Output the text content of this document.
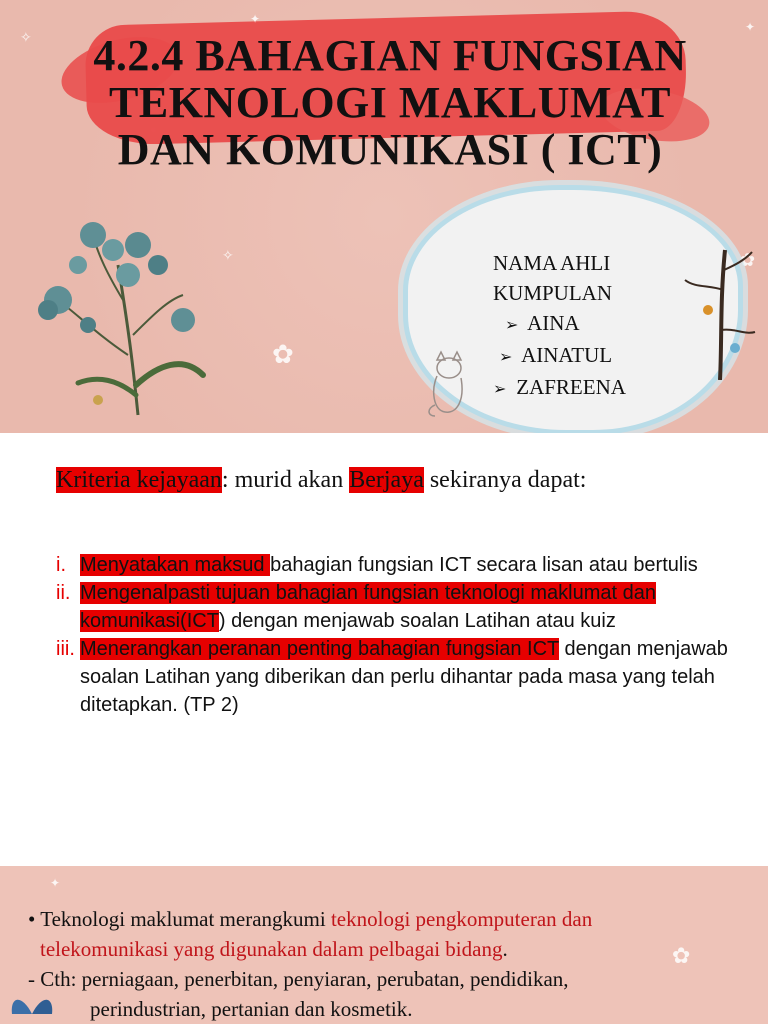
✧
✦
✦
✿
✧	✿
4.2.4 BAHAGIAN FUNGSIAN
TEKNOLOGI MAKLUMAT
DAN KOMUNIKASI ( ICT)
NAMA AHLI
KUMPULAN
➢ AINA
➢ AINATUL
➢ ZAFREENA
Kriteria kejayaan: murid akan Berjaya sekiranya dapat:
i. Menyatakan maksud bahagian fungsian ICT secara lisan atau bertulis
ii. Mengenalpasti tujuan bahagian fungsian teknologi maklumat dan komunikasi(ICT) dengan menjawab soalan Latihan atau kuiz
iii. Menerangkan peranan penting bahagian fungsian ICT dengan menjawab soalan Latihan yang diberikan dan perlu dihantar pada masa yang telah ditetapkan. (TP 2)
✦
✿
• Teknologi maklumat merangkumi teknologi pengkomputeran dan
telekomunikasi yang digunakan dalam pelbagai bidang.
- Cth: perniagaan, penerbitan, penyiaran, perubatan, pendidikan,
perindustrian, pertanian dan kosmetik.
